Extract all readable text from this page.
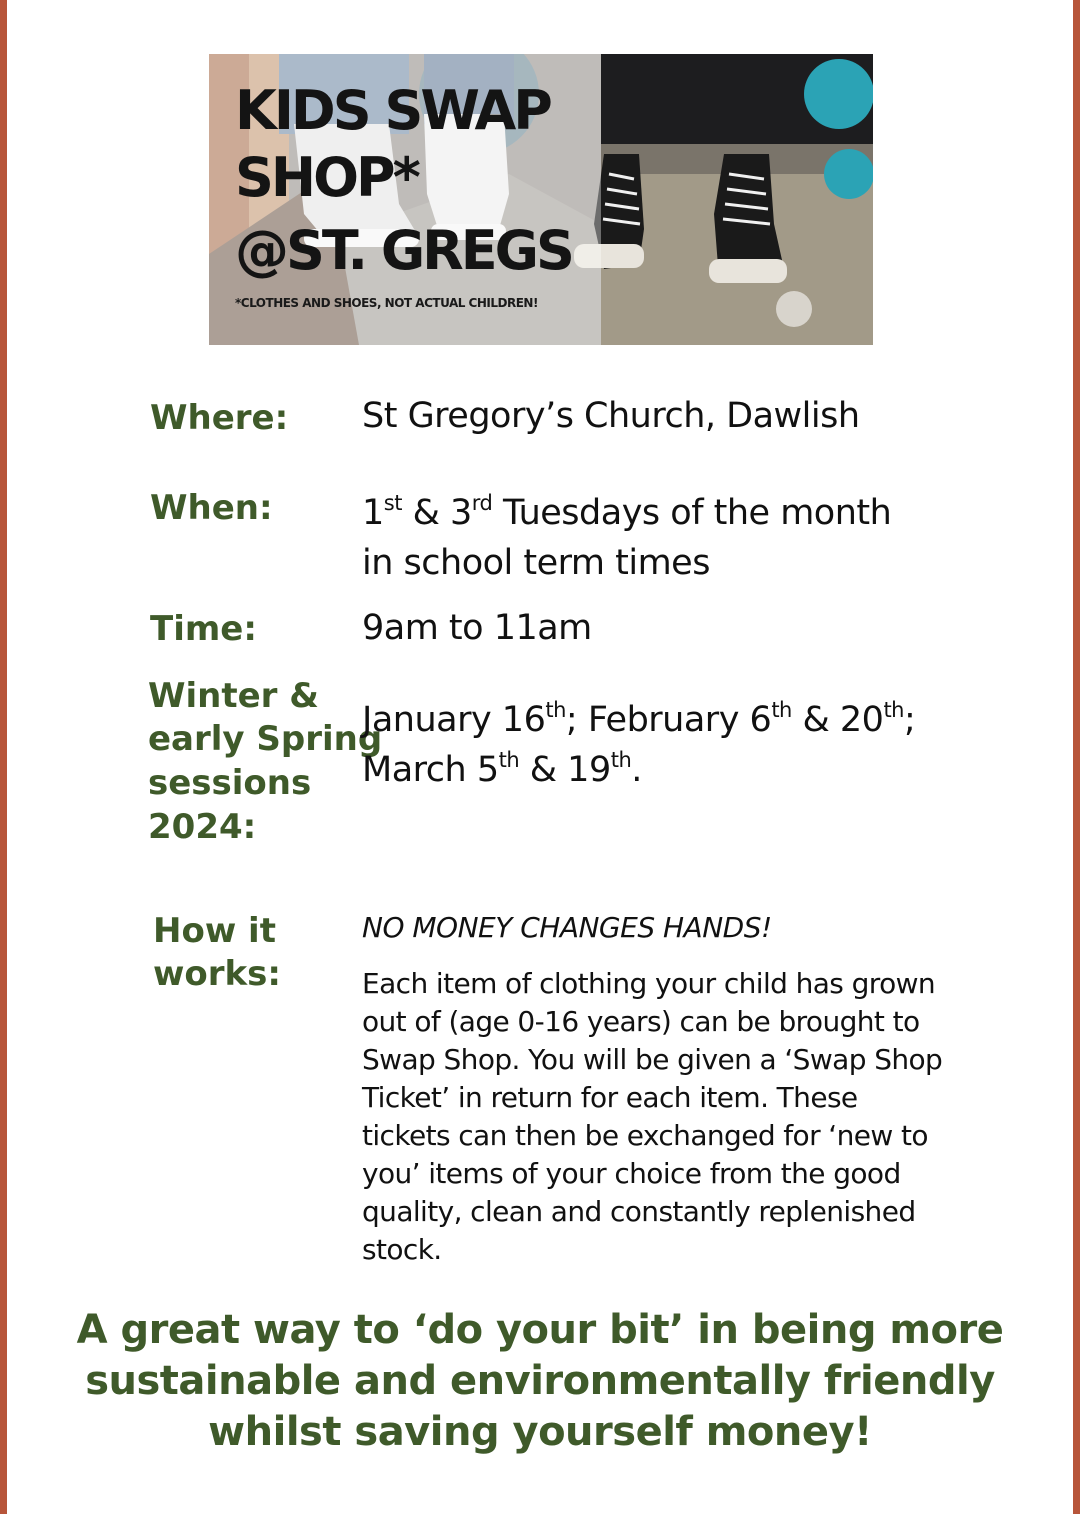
KIDS SWAP
SHOP*
@ST. GREGS
*CLOTHES AND SHOES, NOT ACTUAL CHILDREN!
Where: St Gregory’s Church, Dawlish
When:	1st & 3rd Tuesdays of the month
in school term times
Time:	9am to 11am
Winter &
early Spring
sessions
2024:
January 16th; February 6th & 20th;
March 5th & 19th.
How it
works:
NO MONEY CHANGES HANDS!
Each item of clothing your child has grown
out of (age 0-16 years) can be brought to
Swap Shop. You will be given a ‘Swap Shop
Ticket’ in return for each item. These
tickets can then be exchanged for ‘new to
you’ items of your choice from the good
quality, clean and constantly replenished
stock.
A great way to ‘do your bit’ in being more
sustainable and environmentally friendly
whilst saving yourself money!
